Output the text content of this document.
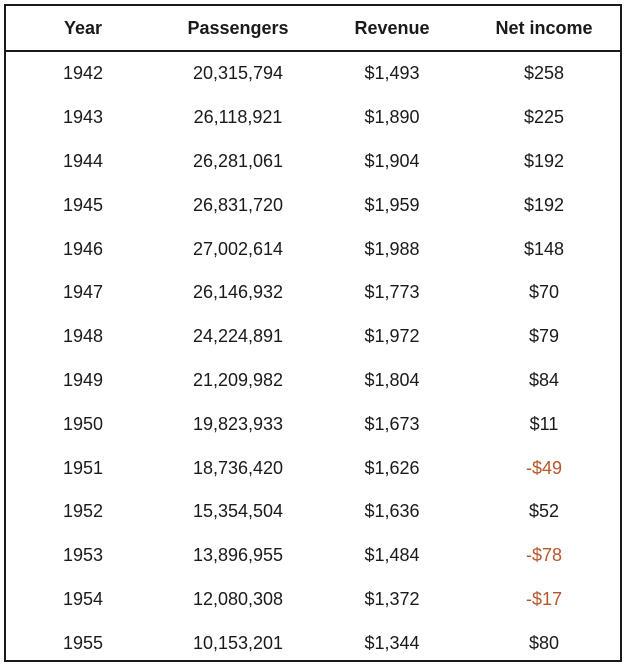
Year	Passengers	Revenue	Net income
1942	20,315,794	$1,493	$258
1943	26,118,921	$1,890	$225
1944	26,281,061	$1,904	$192
1945	26,831,720	$1,959	$192
1946	27,002,614	$1,988	$148
1947	26,146,932	$1,773	$70
1948	24,224,891	$1,972	$79
1949	21,209,982	$1,804	$84
1950	19,823,933	$1,673	$11
1951	18,736,420	$1,626	-$49
1952	15,354,504	$1,636	$52
1953	13,896,955	$1,484	-$78
1954	12,080,308	$1,372	-$17
1955	10,153,201	$1,344	$80
